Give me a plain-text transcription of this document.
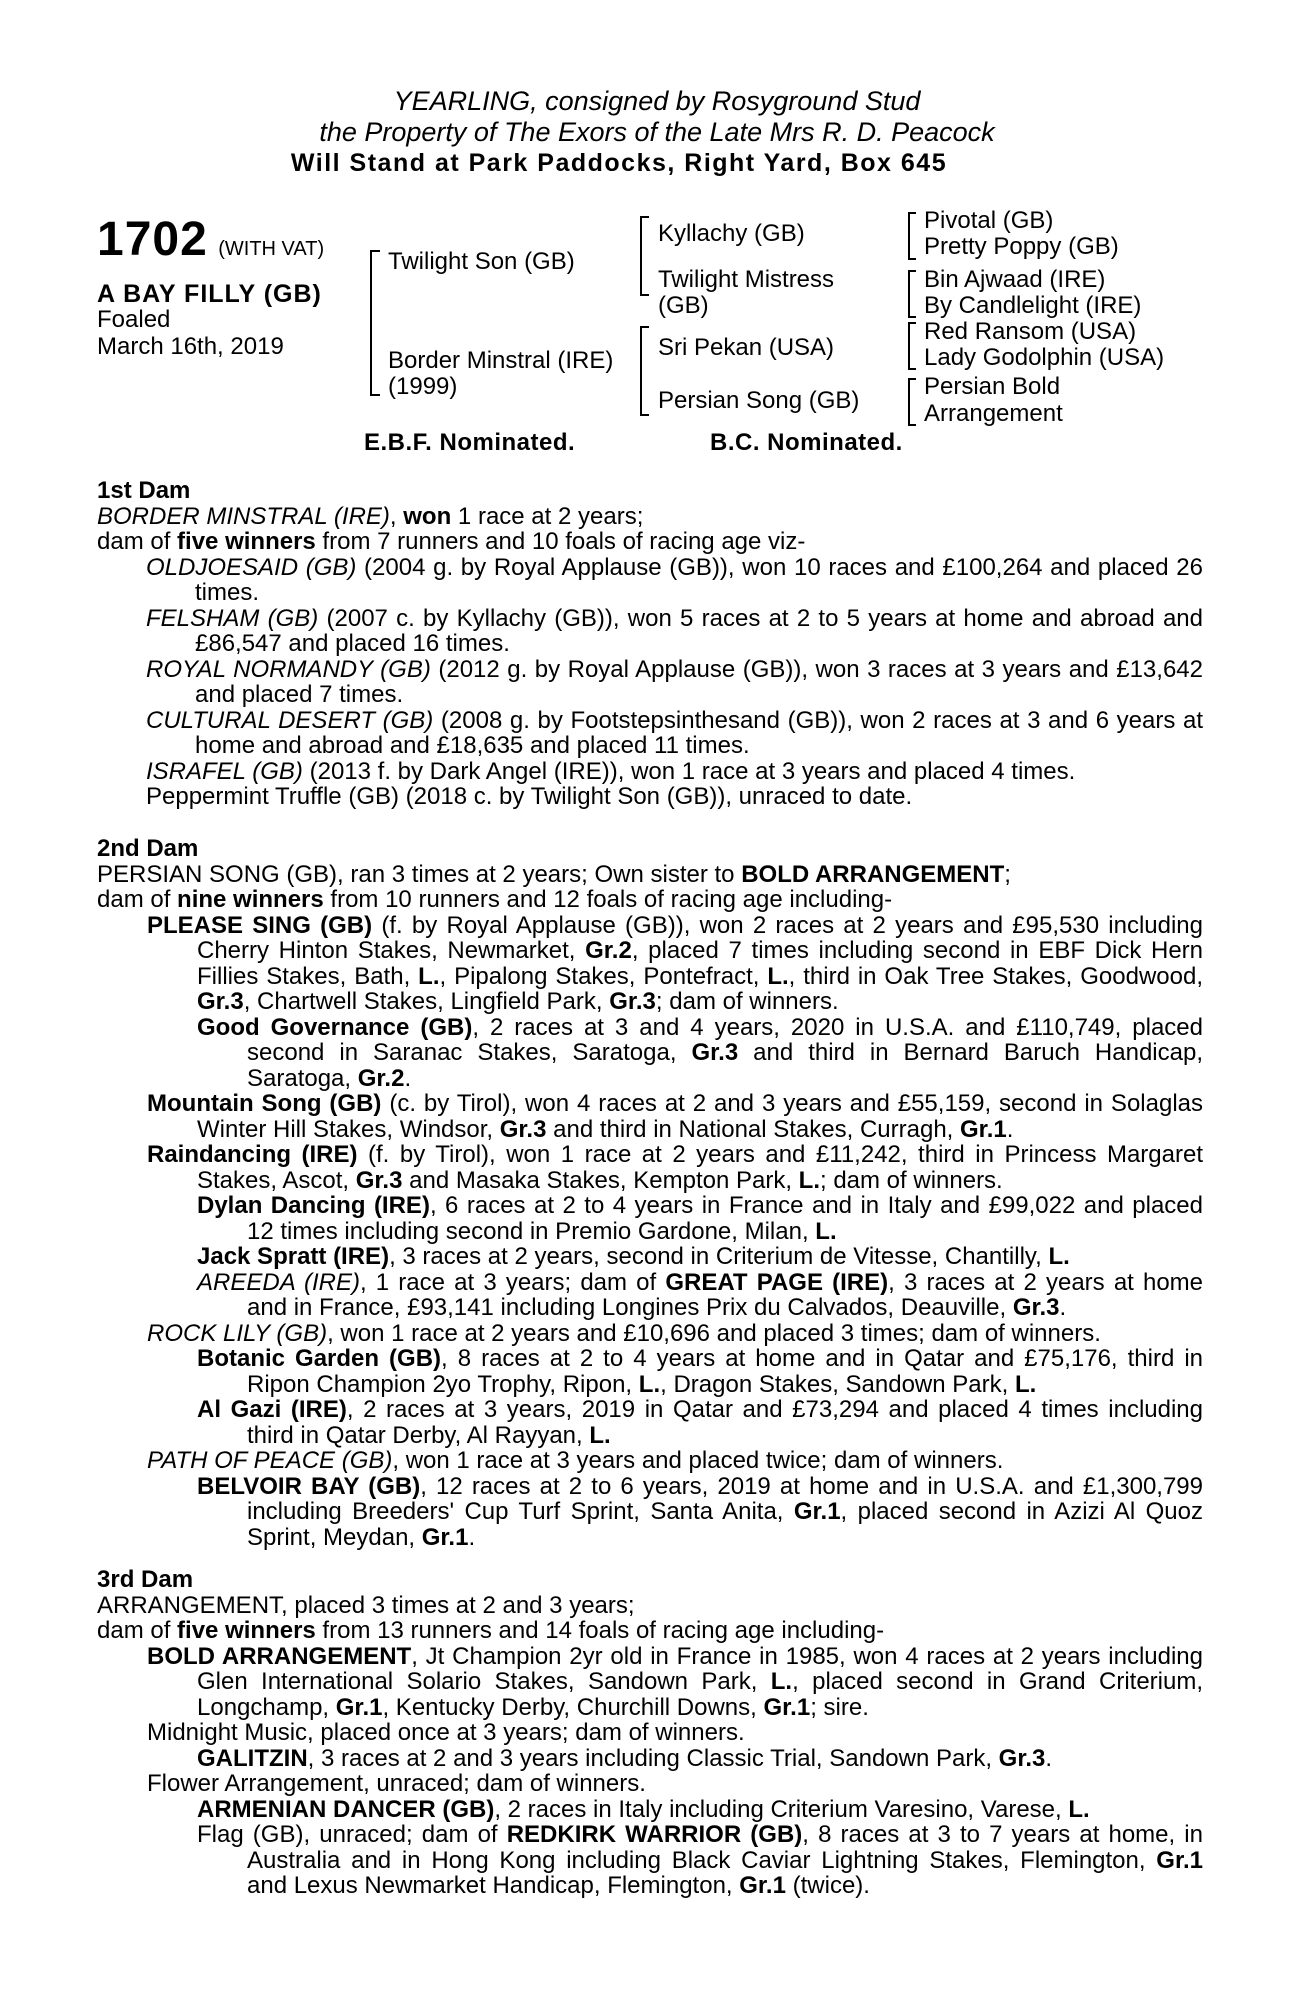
YEARLING, consigned by Rosyground Stud
the Property of The Exors of the Late Mrs R. D. Peacock
Will Stand at Park Paddocks, Right Yard, Box 645
1702 (WITH VAT)
A BAY FILLY (GB)
Foaled
March 16th, 2019
Twilight Son (GB)
Border Minstral (IRE)
(1999)
Kyllachy (GB)
Twilight Mistress
(GB)
Sri Pekan (USA)
Persian Song (GB)
Pivotal (GB)
Pretty Poppy (GB)
Bin Ajwaad (IRE)
By Candlelight (IRE)
Red Ransom (USA)
Lady Godolphin (USA)
Persian Bold
Arrangement
E.B.F. Nominated.	B.C. Nominated.
1st Dam
BORDER MINSTRAL (IRE), won 1 race at 2 years;
dam of five winners from 7 runners and 10 foals of racing age viz-
OLDJOESAID (GB) (2004 g. by Royal Applause (GB)), won 10 races and £100,264 and placed 26 times.
FELSHAM (GB) (2007 c. by Kyllachy (GB)), won 5 races at 2 to 5 years at home and abroad and £86,547 and placed 16 times.
ROYAL NORMANDY (GB) (2012 g. by Royal Applause (GB)), won 3 races at 3 years and £13,642 and placed 7 times.
CULTURAL DESERT (GB) (2008 g. by Footstepsinthesand (GB)), won 2 races at 3 and 6 years at home and abroad and £18,635 and placed 11 times.
ISRAFEL (GB) (2013 f. by Dark Angel (IRE)), won 1 race at 3 years and placed 4 times.
Peppermint Truffle (GB) (2018 c. by Twilight Son (GB)), unraced to date.
2nd Dam
PERSIAN SONG (GB), ran 3 times at 2 years; Own sister to BOLD ARRANGEMENT;
dam of nine winners from 10 runners and 12 foals of racing age including-
PLEASE SING (GB) (f. by Royal Applause (GB)), won 2 races at 2 years and £95,530 including Cherry Hinton Stakes, Newmarket, Gr.2, placed 7 times including second in EBF Dick Hern Fillies Stakes, Bath, L., Pipalong Stakes, Pontefract, L., third in Oak Tree Stakes, Goodwood, Gr.3, Chartwell Stakes, Lingfield Park, Gr.3; dam of winners.
Good Governance (GB), 2 races at 3 and 4 years, 2020 in U.S.A. and £110,749, placed second in Saranac Stakes, Saratoga, Gr.3 and third in Bernard Baruch Handicap, Saratoga, Gr.2.
Mountain Song (GB) (c. by Tirol), won 4 races at 2 and 3 years and £55,159, second in Solaglas Winter Hill Stakes, Windsor, Gr.3 and third in National Stakes, Curragh, Gr.1.
Raindancing (IRE) (f. by Tirol), won 1 race at 2 years and £11,242, third in Princess Margaret Stakes, Ascot, Gr.3 and Masaka Stakes, Kempton Park, L.; dam of winners.
Dylan Dancing (IRE), 6 races at 2 to 4 years in France and in Italy and £99,022 and placed 12 times including second in Premio Gardone, Milan, L.
Jack Spratt (IRE), 3 races at 2 years, second in Criterium de Vitesse, Chantilly, L.
AREEDA (IRE), 1 race at 3 years; dam of GREAT PAGE (IRE), 3 races at 2 years at home and in France, £93,141 including Longines Prix du Calvados, Deauville, Gr.3.
ROCK LILY (GB), won 1 race at 2 years and £10,696 and placed 3 times; dam of winners.
Botanic Garden (GB), 8 races at 2 to 4 years at home and in Qatar and £75,176, third in Ripon Champion 2yo Trophy, Ripon, L., Dragon Stakes, Sandown Park, L.
Al Gazi (IRE), 2 races at 3 years, 2019 in Qatar and £73,294 and placed 4 times including third in Qatar Derby, Al Rayyan, L.
PATH OF PEACE (GB), won 1 race at 3 years and placed twice; dam of winners.
BELVOIR BAY (GB), 12 races at 2 to 6 years, 2019 at home and in U.S.A. and £1,300,799 including Breeders' Cup Turf Sprint, Santa Anita, Gr.1, placed second in Azizi Al Quoz Sprint, Meydan, Gr.1.
3rd Dam
ARRANGEMENT, placed 3 times at 2 and 3 years;
dam of five winners from 13 runners and 14 foals of racing age including-
BOLD ARRANGEMENT, Jt Champion 2yr old in France in 1985, won 4 races at 2 years including Glen International Solario Stakes, Sandown Park, L., placed second in Grand Criterium, Longchamp, Gr.1, Kentucky Derby, Churchill Downs, Gr.1; sire.
Midnight Music, placed once at 3 years; dam of winners.
GALITZIN, 3 races at 2 and 3 years including Classic Trial, Sandown Park, Gr.3.
Flower Arrangement, unraced; dam of winners.
ARMENIAN DANCER (GB), 2 races in Italy including Criterium Varesino, Varese, L.
Flag (GB), unraced; dam of REDKIRK WARRIOR (GB), 8 races at 3 to 7 years at home, in Australia and in Hong Kong including Black Caviar Lightning Stakes, Flemington, Gr.1 and Lexus Newmarket Handicap, Flemington, Gr.1 (twice).
